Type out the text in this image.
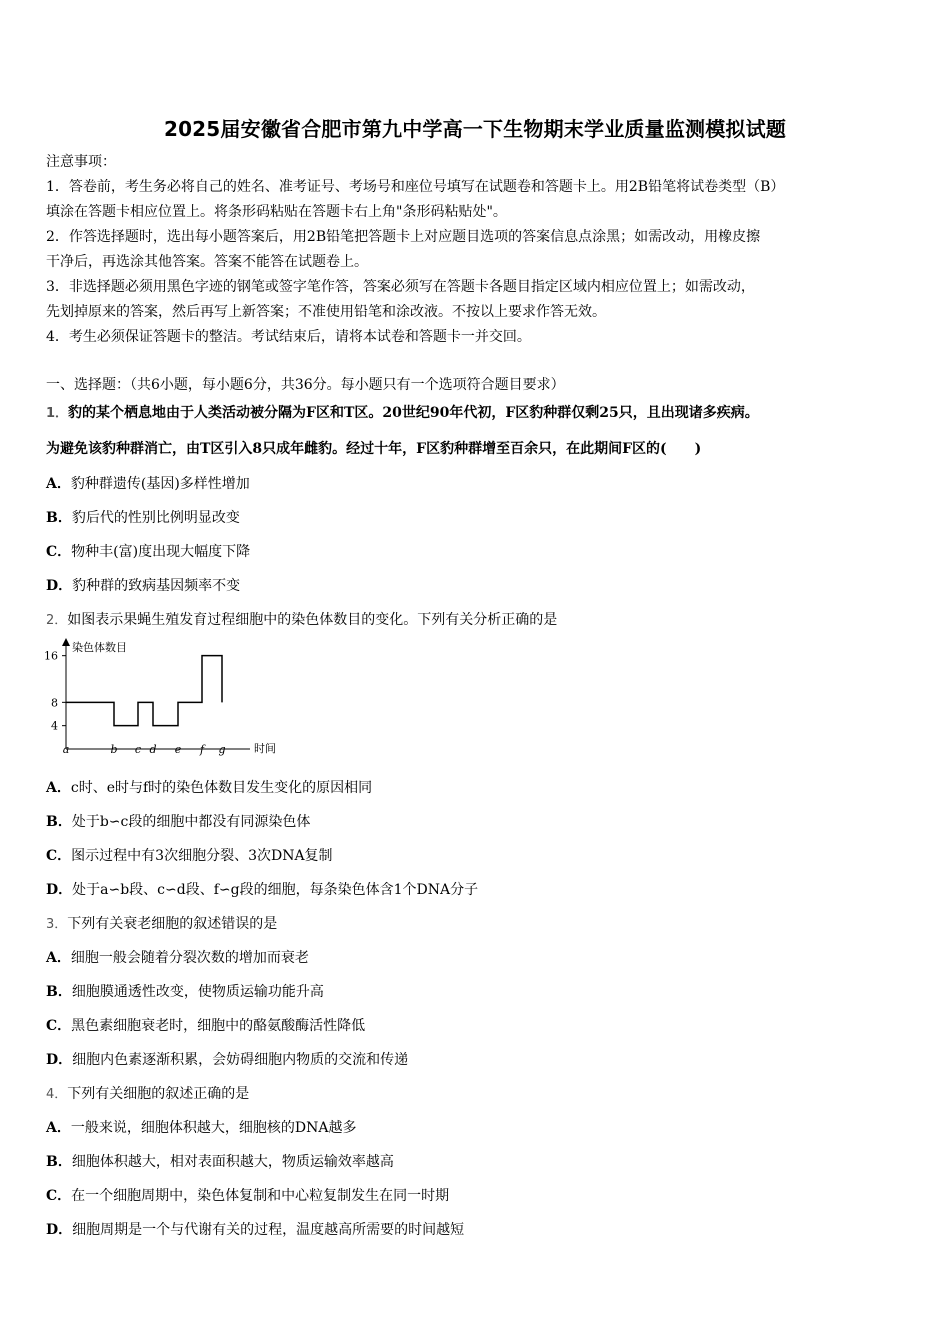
2025届安徽省合肥市第九中学高一下生物期末学业质量监测模拟试题

注意事项：

1．答卷前，考生务必将自己的姓名、准考证号、考场号和座位号填写在试题卷和答题卡上。用2B铅笔将试卷类型（B）

填涂在答题卡相应位置上。将条形码粘贴在答题卡右上角"条形码粘贴处"。

2．作答选择题时，选出每小题答案后，用2B铅笔把答题卡上对应题目选项的答案信息点涂黑；如需改动，用橡皮擦

干净后，再选涂其他答案。答案不能答在试题卷上。

3．非选择题必须用黑色字迹的钢笔或签字笔作答，答案必须写在答题卡各题目指定区域内相应位置上；如需改动，

先划掉原来的答案，然后再写上新答案；不准使用铅笔和涂改液。不按以上要求作答无效。

4．考生必须保证答题卡的整洁。考试结束后，请将本试卷和答题卡一并交回。

一、选择题：（共6小题，每小题6分，共36分。每小题只有一个选项符合题目要求）
1．豹的某个栖息地由于人类活动被分隔为F区和T区。20世纪90年代初，F区豹种群仅剩25只，且出现诸多疾病。
为避免该豹种群消亡，由T区引入8只成年雌豹。经过十年，F区豹种群增至百余只，在此期间F区的(　　)
A．豹种群遗传(基因)多样性增加
B．豹后代的性别比例明显改变
C．物种丰(富)度出现大幅度下降
D．豹种群的致病基因频率不变
2．如图表示果蝇生殖发育过程细胞中的染色体数目的变化。下列有关分析正确的是
染色体数目
时间
16
8
4
a	b c d e f g
A．c时、e时与f时的染色体数目发生变化的原因相同
B．处于b∽c段的细胞中都没有同源染色体
C．图示过程中有3次细胞分裂、3次DNA复制
D．处于a∽b段、c∽d段、f∽g段的细胞，每条染色体含1个DNA分子
3．下列有关衰老细胞的叙述错误的是
A．细胞一般会随着分裂次数的增加而衰老
B．细胞膜通透性改变，使物质运输功能升高
C．黑色素细胞衰老时，细胞中的酪氨酸酶活性降低
D．细胞内色素逐渐积累，会妨碍细胞内物质的交流和传递
4．下列有关细胞的叙述正确的是
A．一般来说，细胞体积越大，细胞核的DNA越多
B．细胞体积越大，相对表面积越大，物质运输效率越高
C．在一个细胞周期中，染色体复制和中心粒复制发生在同一时期
D．细胞周期是一个与代谢有关的过程，温度越高所需要的时间越短
